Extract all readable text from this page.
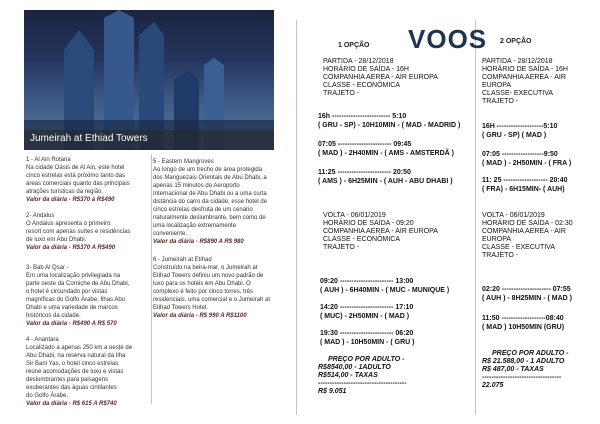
Jumeirah at Ethiad Towers
1 - Al Ain Rotana
Na cidade Oásis de Al Ain, este hotel
cinco estrelas está próximo tanto das
áreas comerciais quanto das principais
atrações turísticas da região.
Valor da diária - R$370 à R$490
2- Andalus
O Andalus apresenta o primeiro
resort com apenas suítes e residências
de luxo em Abu Dhabi.
Valor da diária - R$370 A R$490
3- Bab Al Qsar -
Em uma localização privilegiada na
parte oeste da Corniche de Abu Dhabi,
o hotel é circundado por vistas
magníficas do Golfo Árabe, Ilhas Abu
Dhabi e uma variedade de marcos
históricos da cidade.
Valor da diária - R$490 A R$ 570
4 - Anantara
Localizado a apenas 250 km a oeste de
Abu Dhabi, na reserva natural da Ilha
Sir Bani Yas, o hotel cinco estrelas
reúne acomodações de luxo e vistas
deslumbrantes para paisagens
exuberantes das águas cintilantes
do Golfo Árabe.
Valor da diária - R$ 615 A R$740
5 - Eastern Mangroves
Ao longo de um trecho de área protegida
dos Manguezais Orientais de Abu Dhabi, a
apenas 15 minutos do Aeroporto
Internacional de Abu Dhabi ou a uma curta
distância do carro da cidade, esse hotel de
cinco estrelas desfruta de um cenário
naturalmente deslumbrante, bem como de
uma localização extremamente
conveniente.
Valor da diária - R$890 A R$ 980
6 - Jumeirah at Etihad
Construído na beira-mar, o Jumeirah at
Etihad Towers definiu um novo padrão de
luxo para os hotéis em Abu Dhabi. O
complexo é feito por cinco torres, três
residenciais, uma comercial e o Jumeirah at
Etihad Towers Hotel.
Valor da diária - R$ 990 A R$1100
VOOS
1 OPÇÃO
2 OPÇÃO
PARTIDA - 28/12/2018
HORÁRIO DE SAÍDA - 16H
COMPANHIA AEREA - AIR EUROPA
CLASSE - ECONÔMICA
TRAJETO -
16h ------------------------- 5:10
( GRU - SP) - 10H10MIN - ( MAD - MADRID )
07:05 ----------------------- 09:45
( MAD ) - 2H40MIN - ( AMS - AMSTERDÃ )
11:25 ----------------------- 20:50
( AMS ) - 6H25MIN - ( AUH - ABU DHABI )
VOLTA - 06/01/2019
HORÁRIO DE SAÍDA - 09:20
COMPANHIA AEREA - AIR EUROPA
CLASSE - ECONÔMICA
TRAJETO -
09:20 ----------------------- 13:00
( AUH ) - 6H40MIN - ( MUC - MUNIQUE )
14:20 ----------------------- 17:10
( MUC) - 2H50MIN - ( MAD )
19:30 ----------------------- 06:20
( MAD ) - 10H50MIN - ( GRU )
PREÇO POR ADULTO -
R$8540,00 - 1ADULTO
R$514,00 - TAXAS
--------------------------------------
R$ 9.051
PARTIDA - 28/12/2018
HORÁRIO DE SAÍDA - 16H
COMPANHIA AEREA - AIR
EUROPA
CLASSE- EXECUTIVA
TRAJETO -
16H --------------------5:10
( GRU - SP) ( MAD )
07:05 ------------------9:50
( MAD ) - 2H50MIN - ( FRA )
11: 25 ------------------- 20:40
( FRA) - 6H15MIN- ( AUH)
VOLTA - 06/01/2019
HORÁRIO DE SAÍDA - 02:30
COMPANHIA AEREA - AIR
EUROPA
CLASSE - EXECUTIVA
TRAJETO -
02:20 --------------------- 07:55
( AUH ) - 8H25MIN - ( MAD )
11:50 -------------------08:40
( MAD ) 10H50MIN (GRU)
PREÇO POR ADULTO -
R$ 21.588,00 - 1 ADULTO
R$ 487,00 - TAXAS
----------------------------------
22.075
